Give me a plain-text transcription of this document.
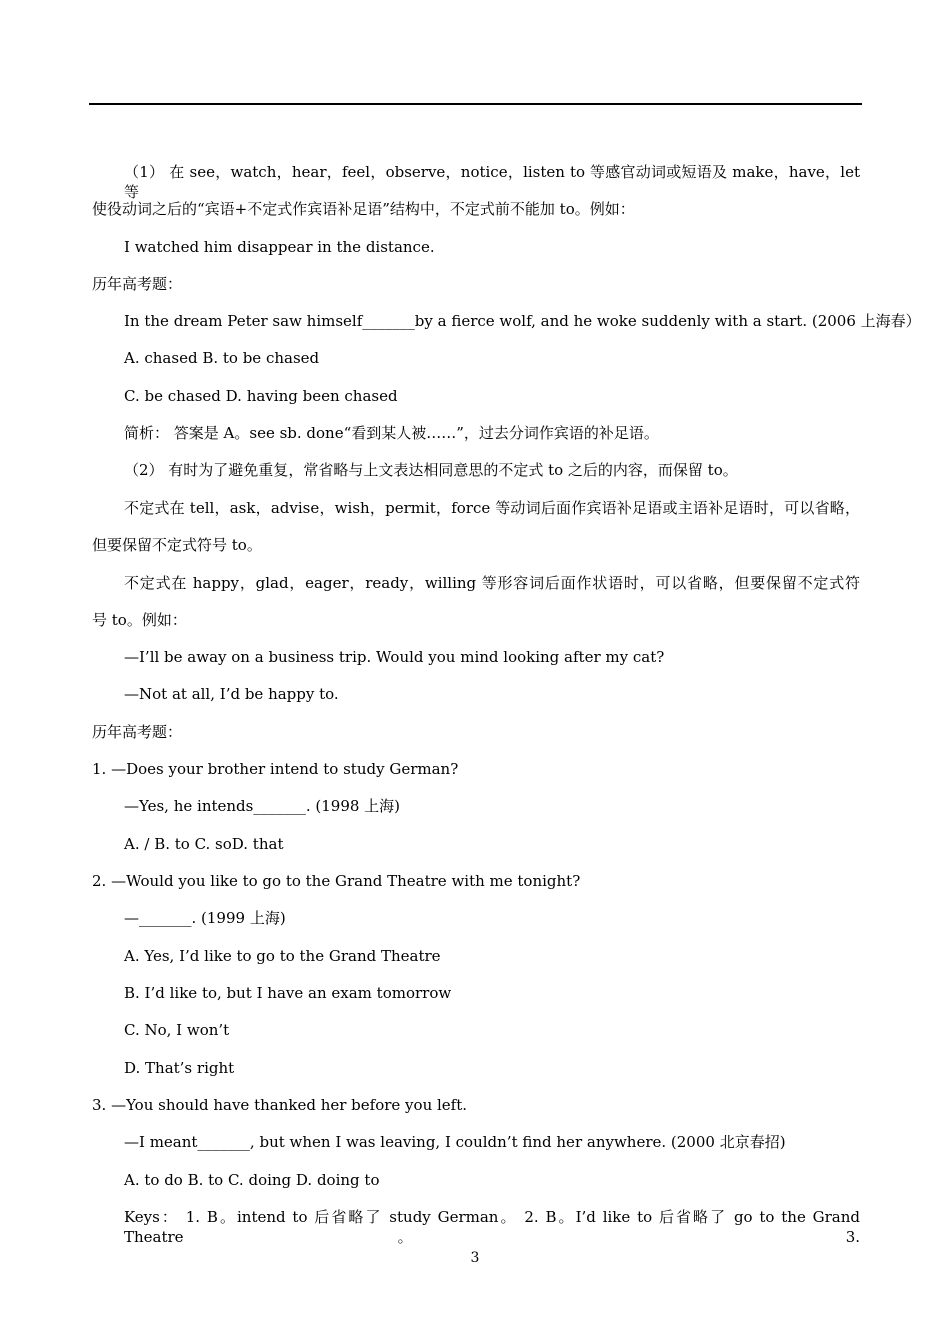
（1） 在 see，watch，hear，feel，observe，notice，listen to 等感官动词或短语及 make，have，let 等
使役动词之后的“宾语+不定式作宾语补足语”结构中，不定式前不能加 to。例如：
I watched him disappear in the distance.
历年高考题：
In the dream Peter saw himself_______by a fierce wolf, and he woke suddenly with a start. (2006 上海春）
A. chased B. to be chased
C. be chased D. having been chased
简析： 答案是 A。see sb. done“看到某人被……”，过去分词作宾语的补足语。
（2） 有时为了避免重复，常省略与上文表达相同意思的不定式 to 之后的内容，而保留 to。
不定式在 tell，ask，advise，wish，permit，force 等动词后面作宾语补足语或主语补足语时，可以省略，
但要保留不定式符号 to。
不定式在 happy，glad，eager，ready，willing 等形容词后面作状语时，可以省略，但要保留不定式符
号 to。例如：
—I’ll be away on a business trip. Would you mind looking after my cat?
—Not at all, I’d be happy to.
历年高考题：
1. —Does your brother intend to study German?
—Yes, he intends_______. (1998 上海)
A. / B. to C. soD. that
2. —Would you like to go to the Grand Theatre with me tonight?
—_______. (1999 上海)
A. Yes, I’d like to go to the Grand Theatre
B. I’d like to, but I have an exam tomorrow
C. No, I won’t
D. That’s right
3. —You should have thanked her before you left.
—I meant_______, but when I was leaving, I couldn’t find her anywhere. (2000 北京春招)
A. to do B. to C. doing D. doing to
Keys： 1. B。intend to 后省略了 study German。 2. B。I’d like to 后省略了 go to the Grand Theatre。 3.
3
